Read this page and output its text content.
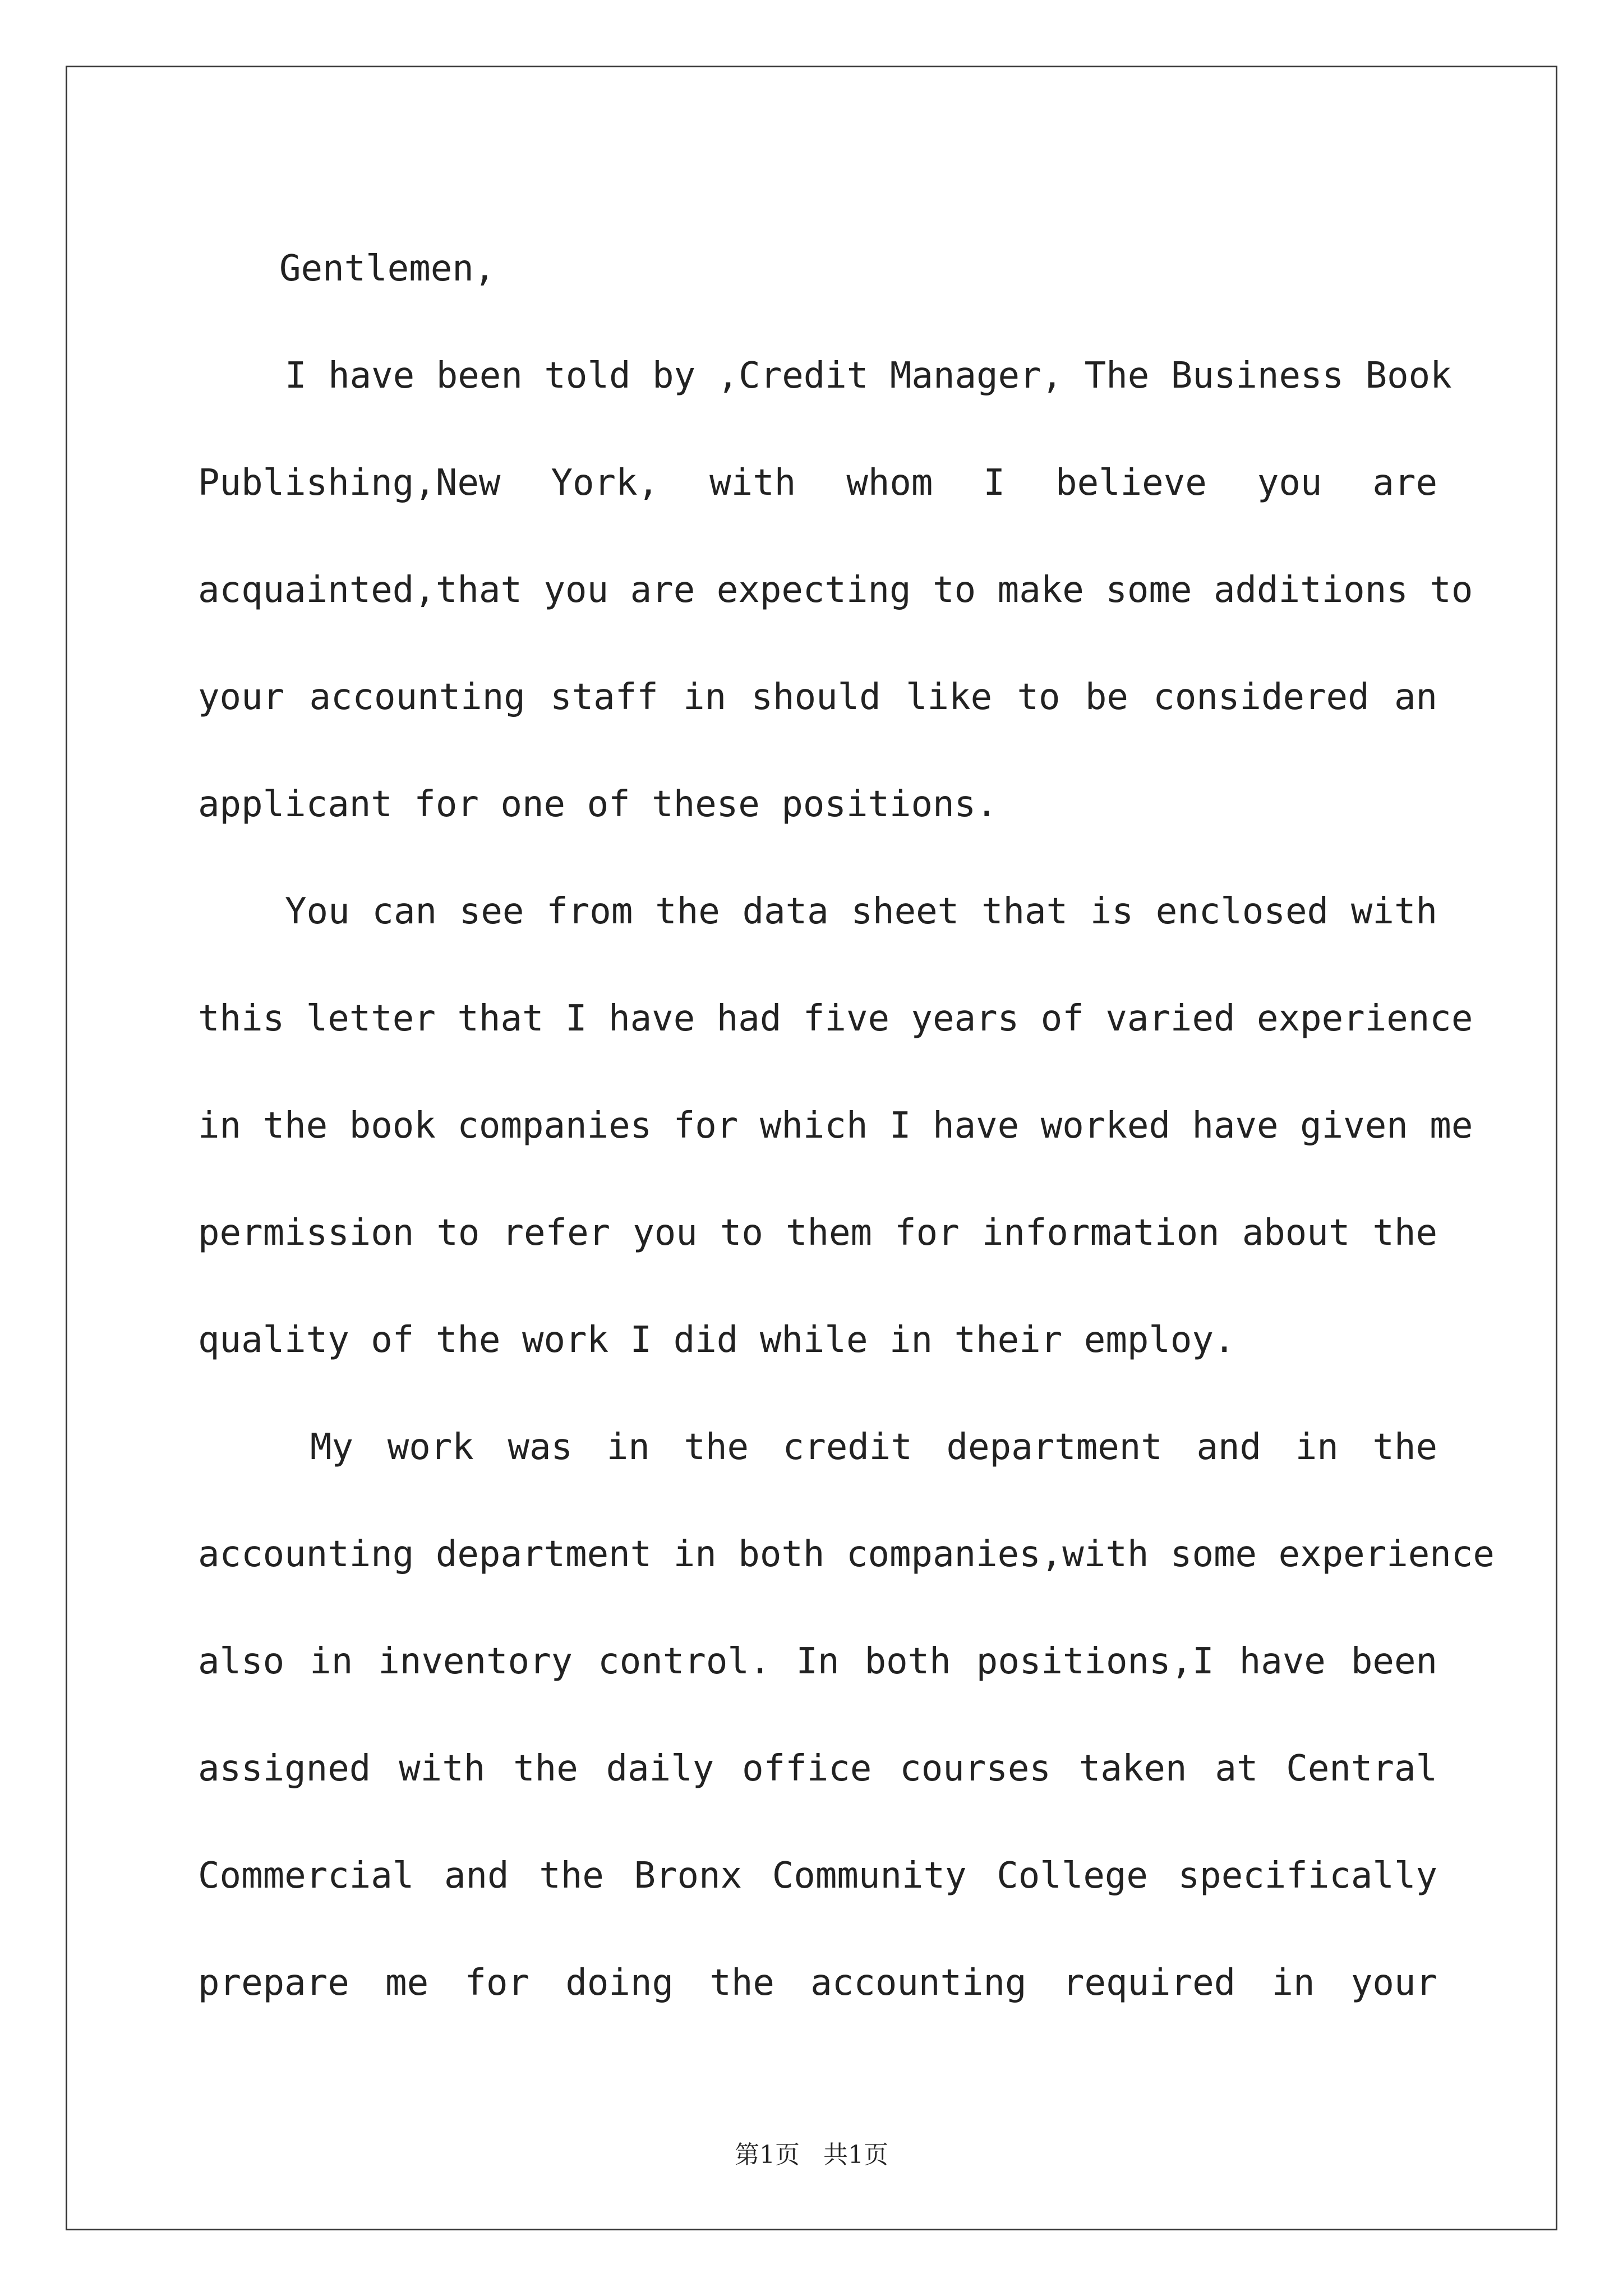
Gentlemen,

I have been told by ,Credit Manager, The Business Book
Publishing,New York, with whom I believe you are
acquainted,that you are expecting to make some additions to
your accounting staff in should like to be considered an
applicant for one of these positions.
You can see from the data sheet that is enclosed with
this letter that I have had five years of varied experience
in the book companies for which I have worked have given me
permission to refer you to them for information about the
quality of the work I did while in their employ.
My work was in the credit department and in the
accounting department in both companies,with some experience
also in inventory control. In both positions,I have been
assigned with the daily office courses taken at Central
Commercial and the Bronx Community College specifically
prepare me for doing the accounting required in your
第1页   共1页
